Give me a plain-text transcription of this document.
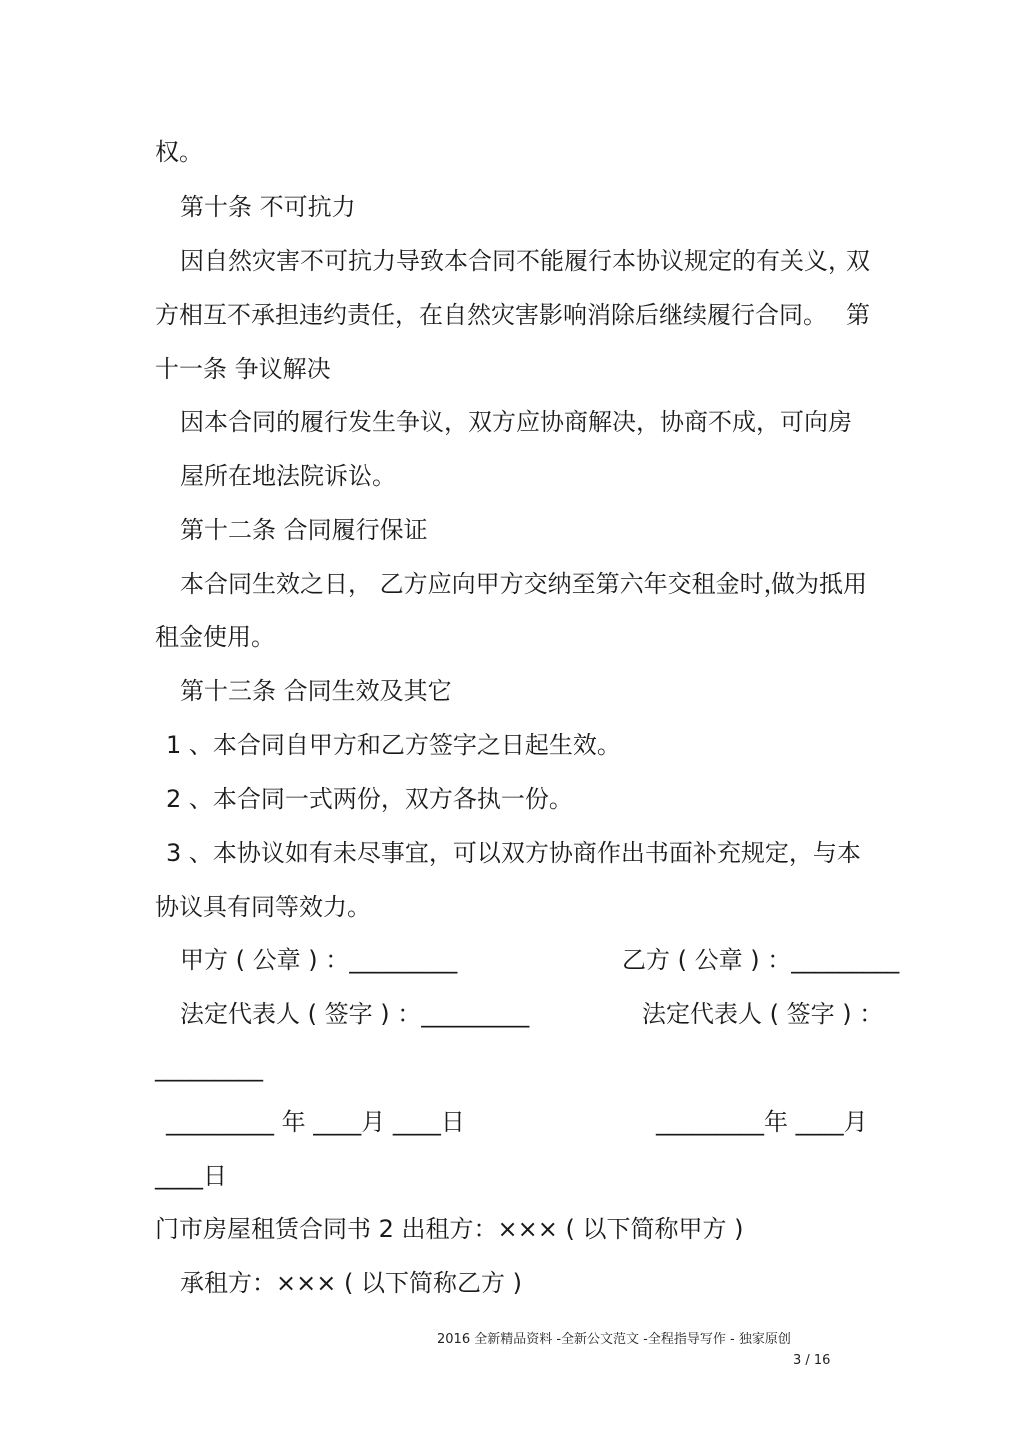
权。
第十条 不可抗力
因自然灾害不可抗力导致本合同不能履行本协议规定的有关义，
双
方相互不承担违约责任，在自然灾害影响消除后继续履行合同。 第
十一条 争议解决
因本合同的履行发生争议，双方应协商解决，协商不成，可向房
屋所在地法院诉讼。
第十二条 合同履行保证
本合同生效之日， 乙方应向甲方交纳至第六年交租金时，
做为抵用
租金使用。
第十三条 合同生效及其它
1 、本合同自甲方和乙方签字之日起生效。
2 、本合同一式两份，双方各执一份。
3 、本协议如有未尽事宜，可以双方协商作出书面补充规定，与本
协议具有同等效力。
甲方 ( 公章 ) ：_________	乙方 ( 公章 ) ：_________
法定代表人 ( 签字 ) ：_________	法定代表人 ( 签字 ) ：
_________
_________ 年 ____月 ____日	_________年 ____月
____日
门市房屋租赁合同书 2 出租方：××× ( 以下简称甲方 )
承租方：××× ( 以下简称乙方 )
2016 全新精品资料 -全新公文范文 -全程指导写作 - 独家原创
3 / 16
